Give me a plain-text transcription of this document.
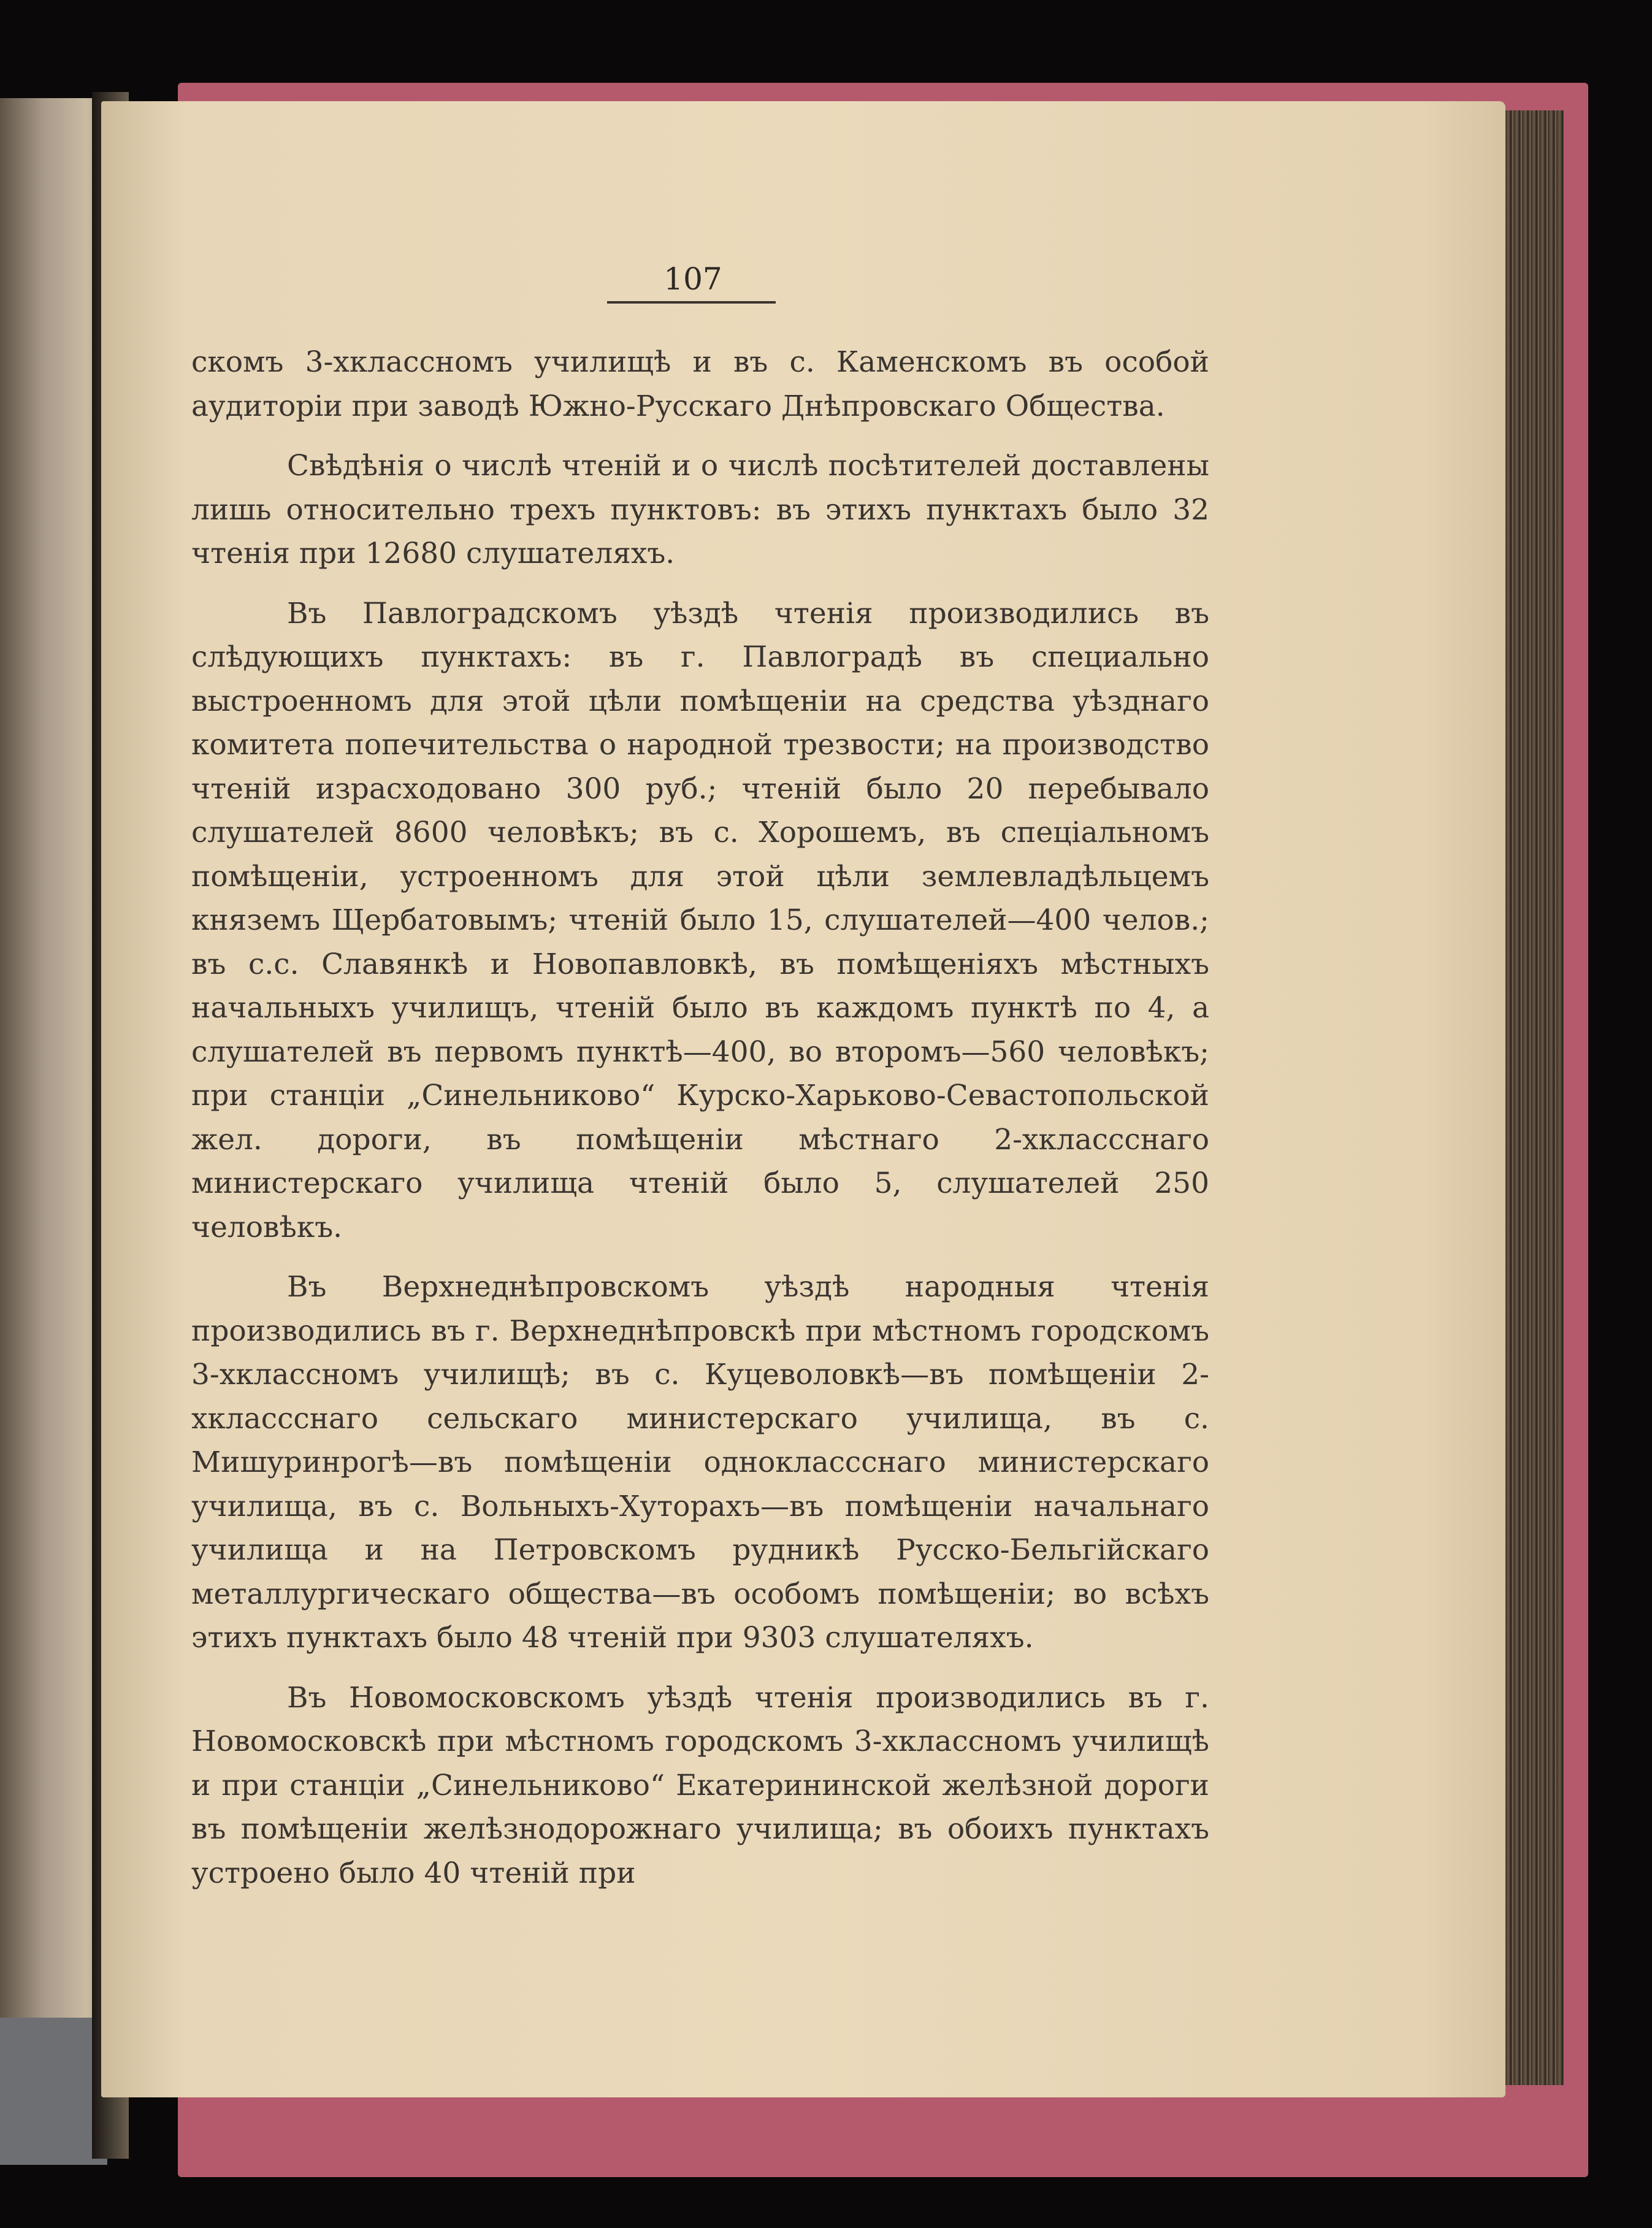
107

скомъ 3-хклассномъ училищѣ и въ с. Каменскомъ въ особой аудиторіи при заводѣ Южно-Русскаго Днѣпровскаго Общества.

Свѣдѣнія о числѣ чтеній и о числѣ посѣтителей доставлены лишь относительно трехъ пунктовъ: въ этихъ пунктахъ было 32 чтенія при 12680 слушателяхъ.

Въ Павлоградскомъ уѣздѣ чтенія производились въ слѣдующихъ пунктахъ: въ г. Павлоградѣ въ специально выстроенномъ для этой цѣли помѣщеніи на средства уѣзднаго комитета попечительства о народной трезвости; на производство чтеній израсходовано 300 руб.; чтеній было 20 перебывало слушателей 8600 человѣкъ; въ с. Хорошемъ, въ спеціальномъ помѣщеніи, устроенномъ для этой цѣли землевладѣльцемъ княземъ Щербатовымъ; чтеній было 15, слушателей—400 челов.; въ с.с. Славянкѣ и Новопавловкѣ, въ помѣщеніяхъ мѣстныхъ начальныхъ училищъ, чтеній было въ каждомъ пунктѣ по 4, а слушателей въ первомъ пунктѣ—400, во второмъ—560 человѣкъ; при станціи „Синельниково“ Курско-Харьково-Севастопольской жел. дороги, въ помѣщеніи мѣстнаго 2-хклассснаго министерскаго училища чтеній было 5, слушателей 250 человѣкъ.

Въ Верхнеднѣпровскомъ уѣздѣ народныя чтенія производились въ г. Верхнеднѣпровскѣ при мѣстномъ городскомъ 3-хклассномъ училищѣ; въ с. Куцеволовкѣ—въ помѣщеніи 2-хклассснаго сельскаго министерскаго училища, въ с. Мишуринрогѣ—въ помѣщеніи одноклассснаго министерскаго училища, въ с. Вольныхъ-Хуторахъ—въ помѣщеніи начальнаго училища и на Петровскомъ рудникѣ Русско-Бельгійскаго металлургическаго общества—въ особомъ помѣщеніи; во всѣхъ этихъ пунктахъ было 48 чтеній при 9303 слушателяхъ.

Въ Новомосковскомъ уѣздѣ чтенія производились въ г. Новомосковскѣ при мѣстномъ городскомъ 3-хклассномъ училищѣ и при станціи „Синельниково“ Екатерининской желѣзной дороги въ помѣщеніи желѣзнодорожнаго училища; въ обоихъ пунктахъ устроено было 40 чтеній при
